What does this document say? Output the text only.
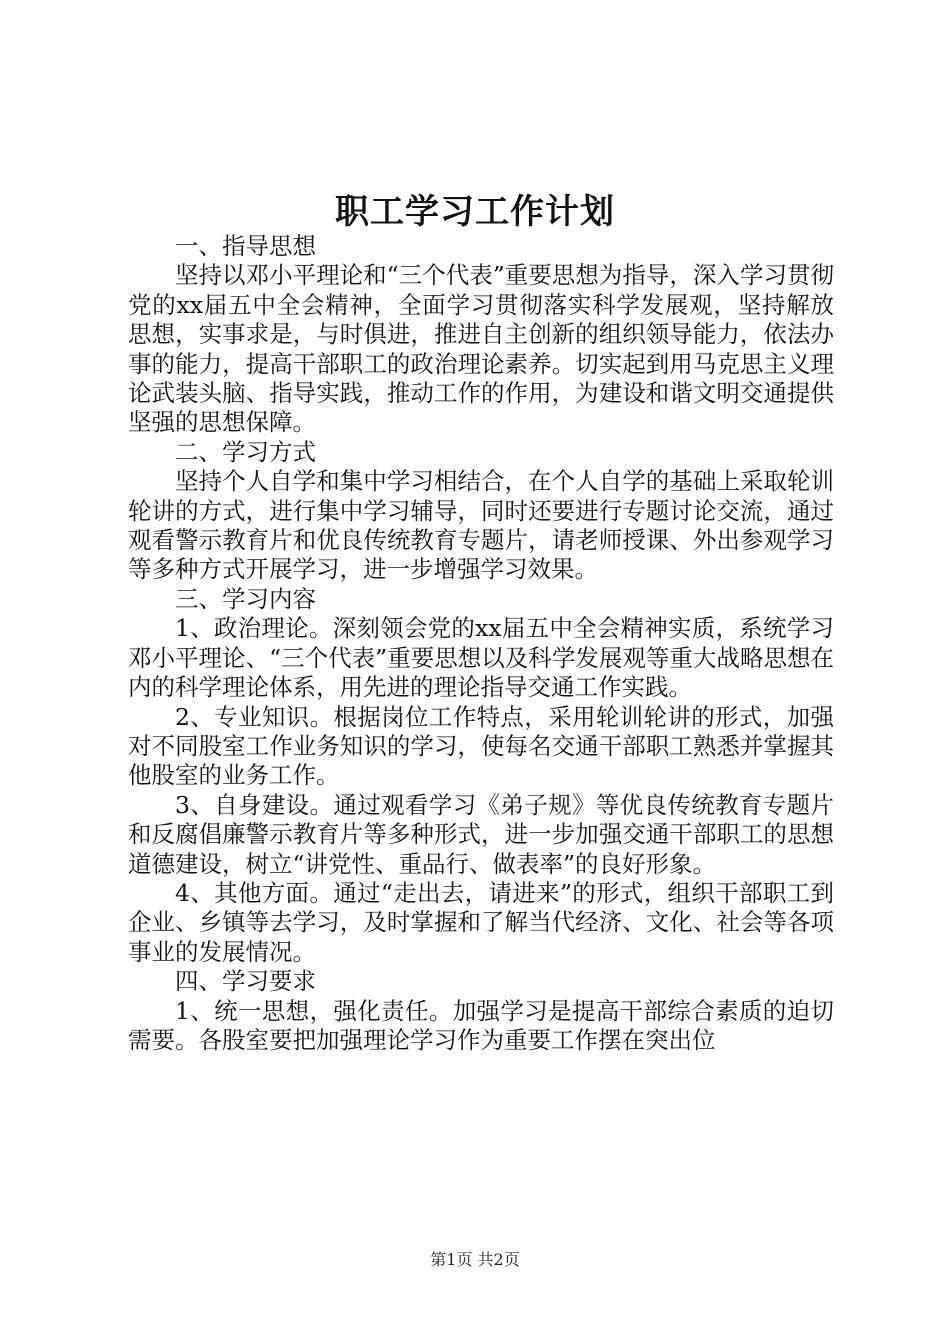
职工学习工作计划

一、指导思想

坚持以邓小平理论和“三个代表”重要思想为指导，深入学习贯彻党的xx届五中全会精神，全面学习贯彻落实科学发展观，坚持解放思想，实事求是，与时俱进，推进自主创新的组织领导能力，依法办事的能力，提高干部职工的政治理论素养。切实起到用马克思主义理论武装头脑、指导实践，推动工作的作用，为建设和谐文明交通提供坚强的思想保障。

二、学习方式

坚持个人自学和集中学习相结合，在个人自学的基础上采取轮训轮讲的方式，进行集中学习辅导，同时还要进行专题讨论交流，通过观看警示教育片和优良传统教育专题片，请老师授课、外出参观学习等多种方式开展学习，进一步增强学习效果。

三、学习内容

1、政治理论。深刻领会党的xx届五中全会精神实质，系统学习邓小平理论、“三个代表”重要思想以及科学发展观等重大战略思想在内的科学理论体系，用先进的理论指导交通工作实践。

2、专业知识。根据岗位工作特点，采用轮训轮讲的形式，加强对不同股室工作业务知识的学习，使每名交通干部职工熟悉并掌握其他股室的业务工作。

3、自身建设。通过观看学习《弟子规》等优良传统教育专题片和反腐倡廉警示教育片等多种形式，进一步加强交通干部职工的思想道德建设，树立“讲党性、重品行、做表率”的良好形象。

4、其他方面。通过“走出去，请进来”的形式，组织干部职工到企业、乡镇等去学习，及时掌握和了解当代经济、文化、社会等各项事业的发展情况。

四、学习要求

1、统一思想，强化责任。加强学习是提高干部综合素质的迫切需要。各股室要把加强理论学习作为重要工作摆在突出位

第1页 共2页
